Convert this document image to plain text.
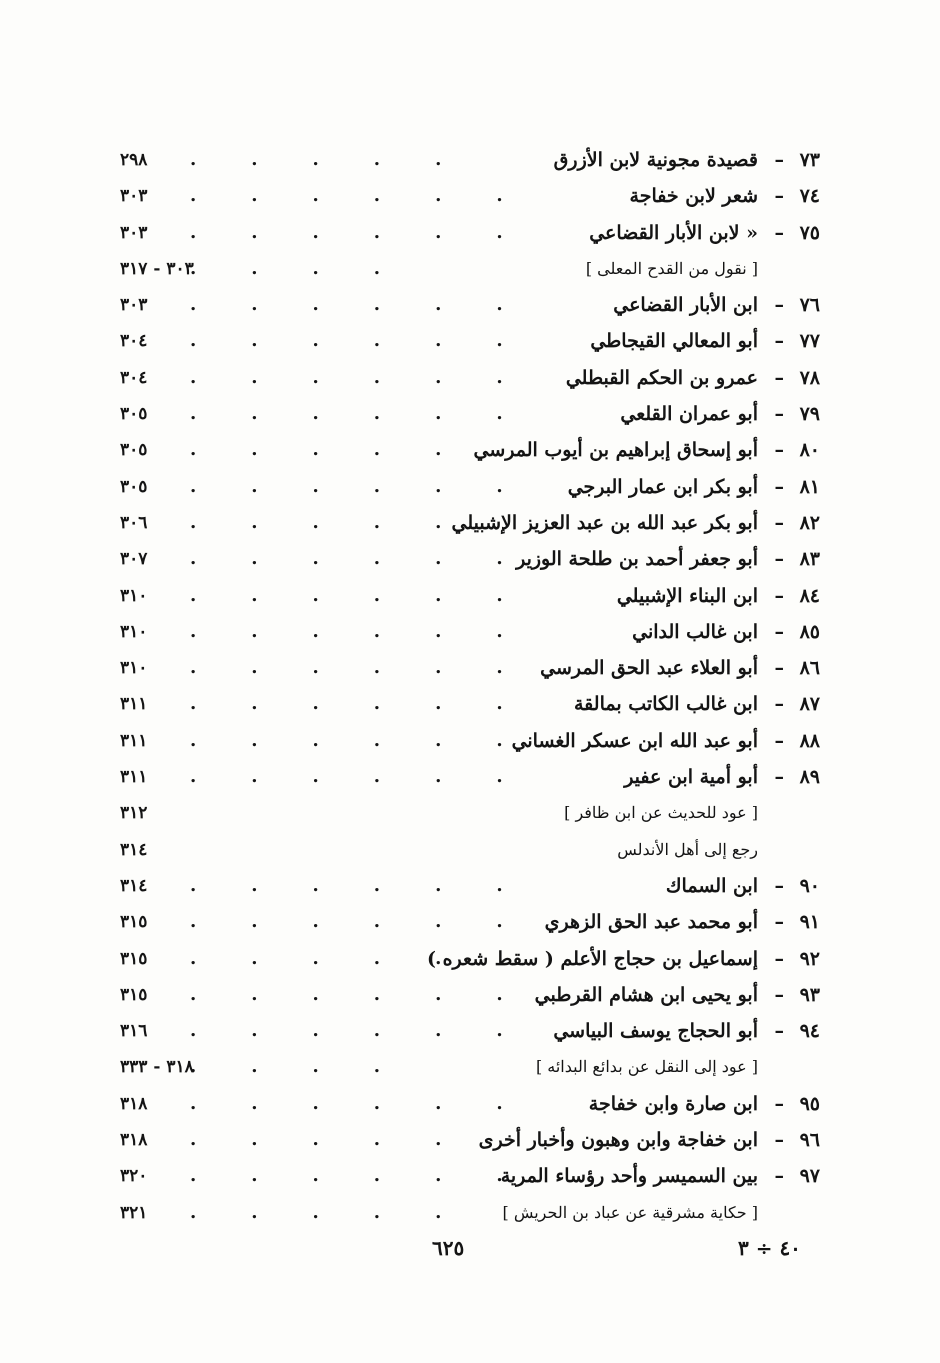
٧٣
–
قصيدة مجونية لابن الأزرق
.....
٢٩٨
٧٤
–
شعر لابن خفاجة
......
٣٠٣
٧٥
–
« لابن الأبار القضاعي
......
٣٠٣
[ نقول من القدح المعلى ]
....
٣٠٣ - ٣١٧
٧٦
–
ابن الأبار القضاعي
......
٣٠٣
٧٧
–
أبو المعالي القيجاطي
......
٣٠٤
٧٨
–
عمرو بن الحكم القبطلي
......
٣٠٤
٧٩
–
أبو عمران القلعي
......
٣٠٥
٨٠
–
أبو إسحاق إبراهيم بن أيوب المرسي
.....
٣٠٥
٨١
–
أبو بكر ابن عمار البرجي
......
٣٠٥
٨٢
–
أبو بكر عبد الله بن عبد العزيز الإشبيلي
.....
٣٠٦
٨٣
–
أبو جعفر أحمد بن طلحة الوزير
......
٣٠٧
٨٤
–
ابن البناء الإشبيلي
......
٣١٠
٨٥
–
ابن غالب الداني
......
٣١٠
٨٦
–
أبو العلاء عبد الحق المرسي
......
٣١٠
٨٧
–
ابن غالب الكاتب بمالقة
......
٣١١
٨٨
–
أبو عبد الله ابن عسكر الغساني
......
٣١١
٨٩
–
أبو أمية ابن عفير
......
٣١١
[ عود للحديث عن ابن ظافر ]
٣١٢
رجع إلى أهل الأندلس
٣١٤
٩٠
–
ابن السماك
......
٣١٤
٩١
–
أبو محمد عبد الحق الزهري
......
٣١٥
٩٢
–
إسماعيل بن حجاج الأعلم ( سقط شعره )
.....
٣١٥
٩٣
–
أبو يحيى ابن هشام القرطبي
......
٣١٥
٩٤
–
أبو الحجاج يوسف البياسي
......
٣١٦
[ عود إلى النقل عن بدائع البدائه ]
....
٣١٨ - ٣٣٣
٩٥
–
ابن صارة وابن خفاجة
......
٣١٨
٩٦
–
ابن خفاجة وابن وهبون وأخبار أخرى
.....
٣١٨
٩٧
–
بين السميسر وأحد رؤساء المرية
......
٣٢٠
[ حكاية مشرقية عن عباد بن الحريش ]
.....
٣٢١
٦٢٥	٤٠ ÷ ٣
